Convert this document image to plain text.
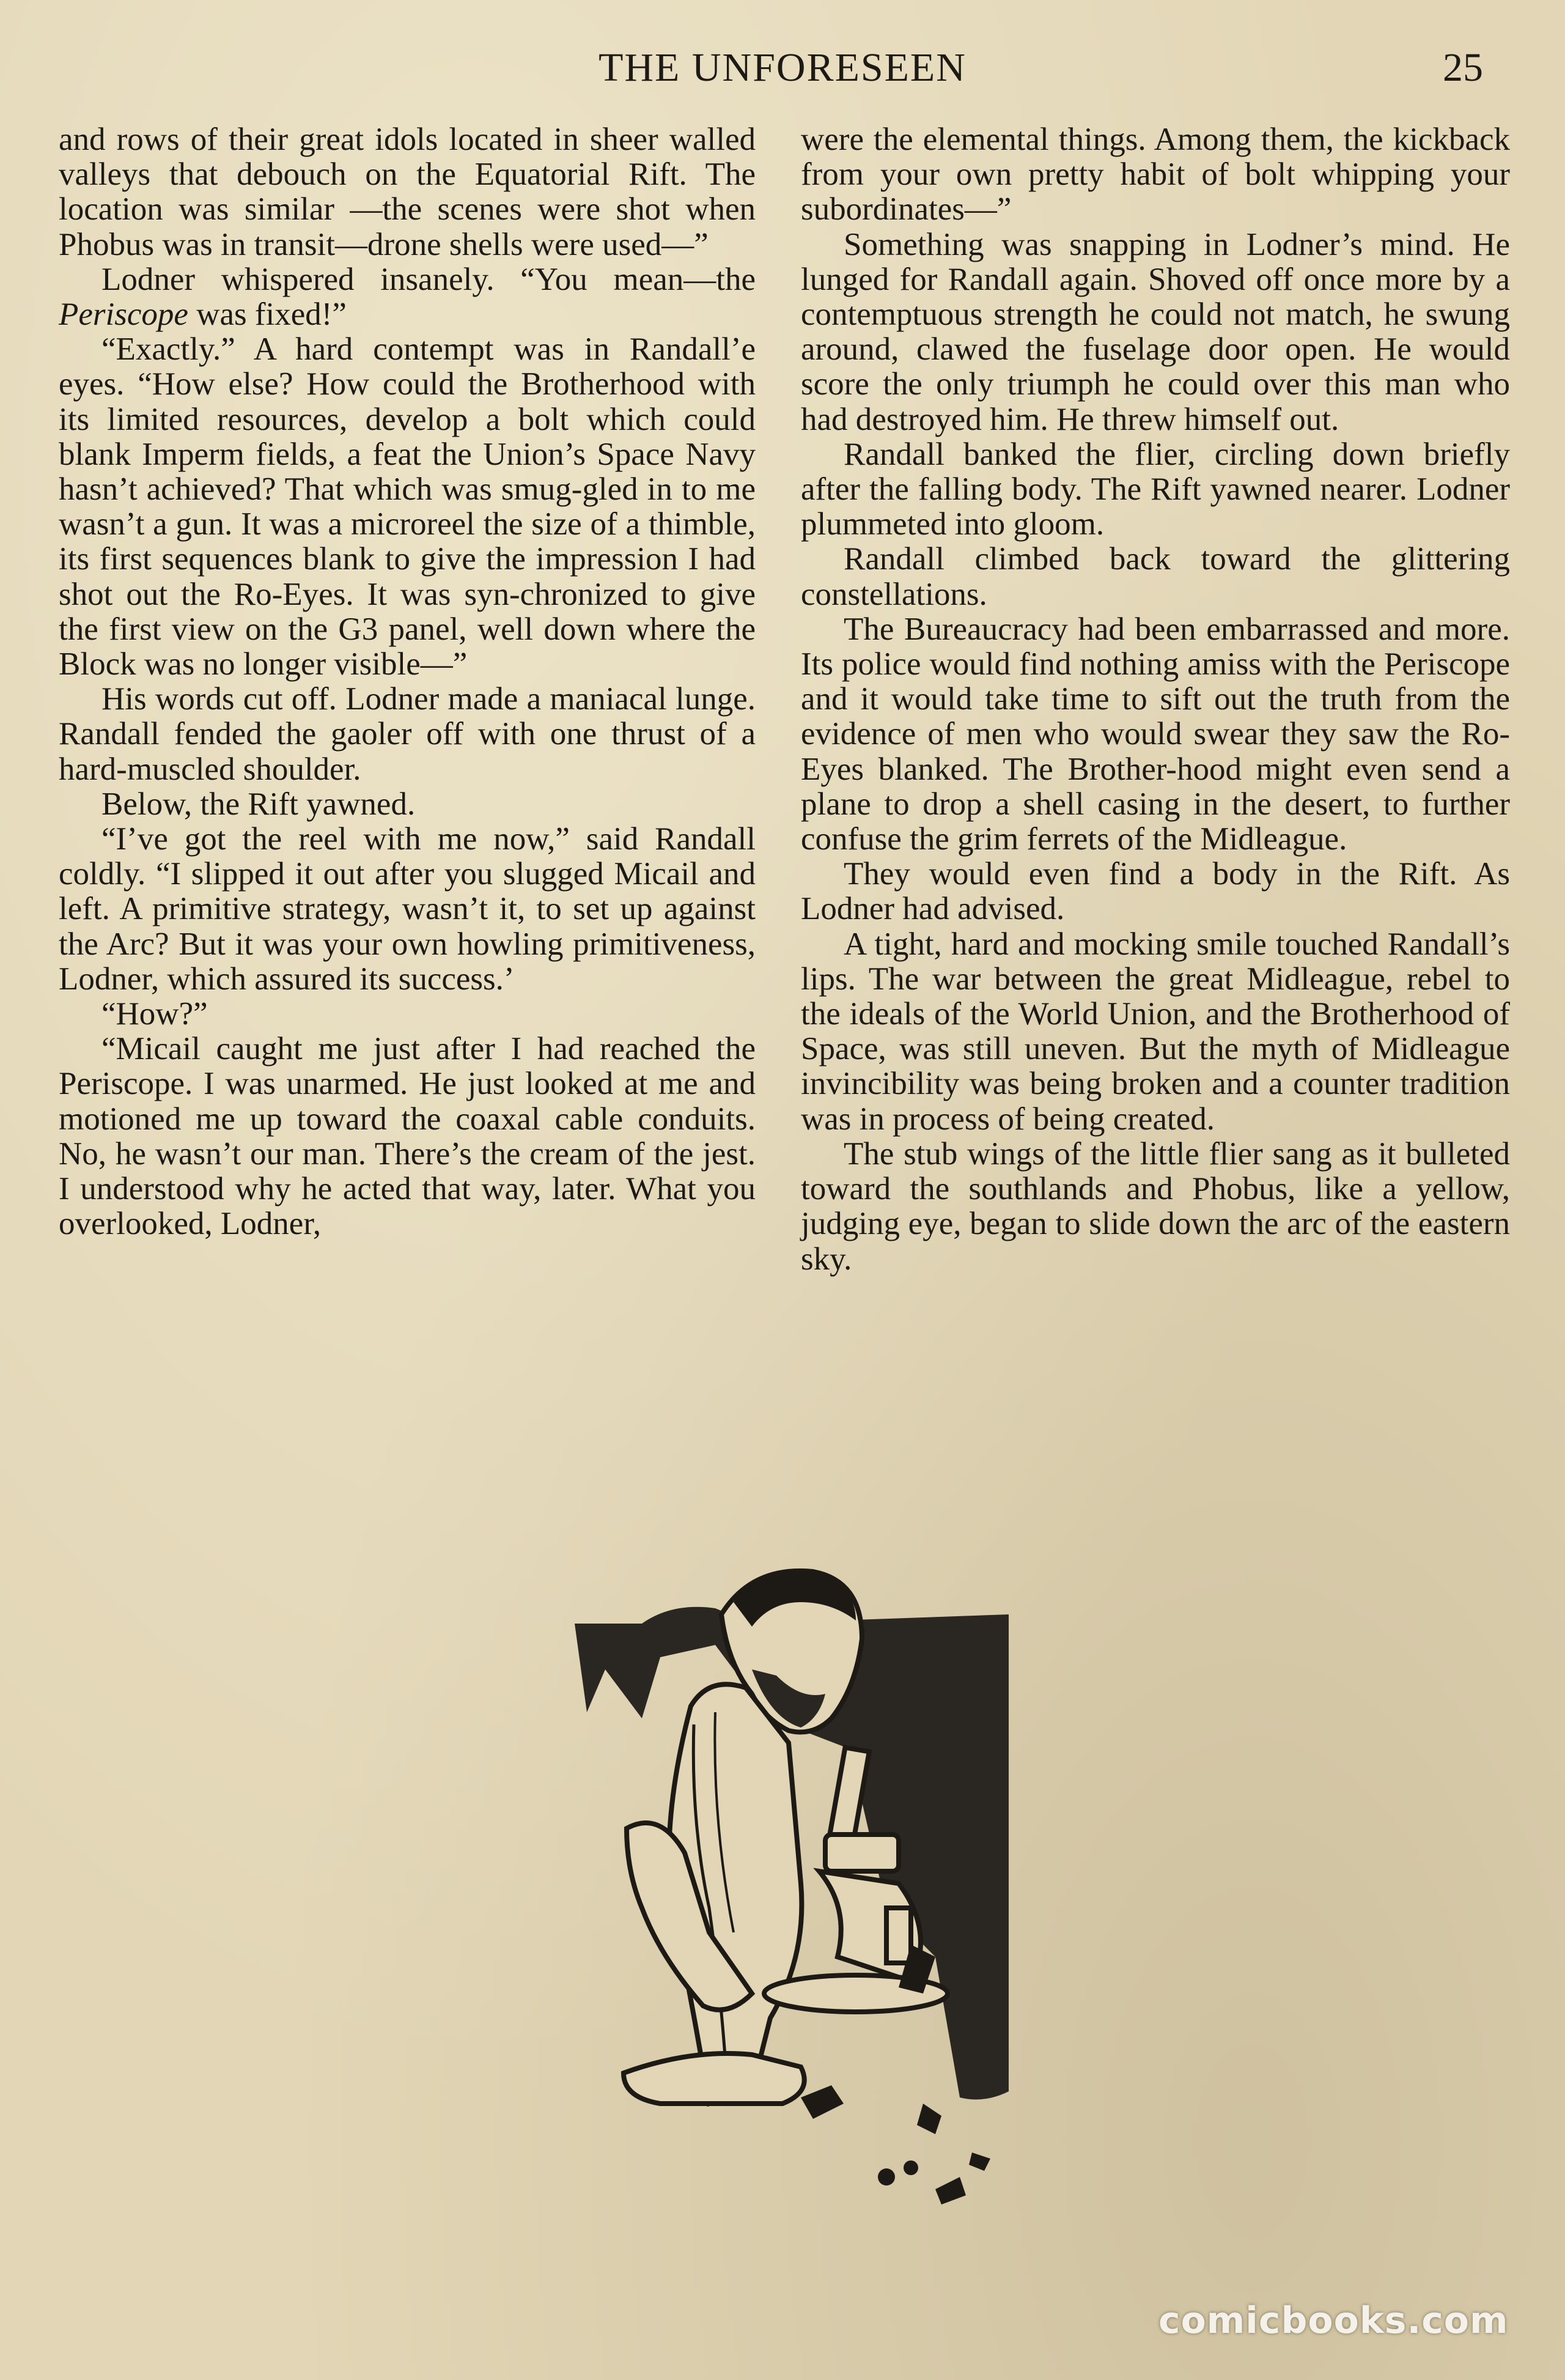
THE UNFORESEEN	25

and rows of their great idols located in sheer walled valleys that debouch on the Equatorial Rift. The location was similar —the scenes were shot when Phobus was in transit—drone shells were used—”

Lodner whispered insanely. “You mean—the Periscope was fixed!”

“Exactly.” A hard contempt was in Randall’e eyes. “How else? How could the Brotherhood with its limited resources, develop a bolt which could blank Imperm fields, a feat the Union’s Space Navy hasn’t achieved? That which was smug-gled in to me wasn’t a gun. It was a microreel the size of a thimble, its first sequences blank to give the impression I had shot out the Ro-Eyes. It was syn-chronized to give the first view on the G3 panel, well down where the Block was no longer visible—”

His words cut off. Lodner made a maniacal lunge. Randall fended the gaoler off with one thrust of a hard-muscled shoulder.

Below, the Rift yawned.

“I’ve got the reel with me now,” said Randall coldly. “I slipped it out after you slugged Micail and left. A primitive strategy, wasn’t it, to set up against the Arc? But it was your own howling primitiveness, Lodner, which assured its success.’

“How?”

“Micail caught me just after I had reached the Periscope. I was unarmed. He just looked at me and motioned me up toward the coaxal cable conduits. No, he wasn’t our man. There’s the cream of the jest. I understood why he acted that way, later. What you overlooked, Lodner,

were the elemental things. Among them, the kickback from your own pretty habit of bolt whipping your subordinates—”

Something was snapping in Lodner’s mind. He lunged for Randall again. Shoved off once more by a contemptuous strength he could not match, he swung around, clawed the fuselage door open. He would score the only triumph he could over this man who had destroyed him. He threw himself out.

Randall banked the flier, circling down briefly after the falling body. The Rift yawned nearer. Lodner plummeted into gloom.

Randall climbed back toward the glittering constellations.

The Bureaucracy had been embarrassed and more. Its police would find nothing amiss with the Periscope and it would take time to sift out the truth from the evidence of men who would swear they saw the Ro-Eyes blanked. The Brother-hood might even send a plane to drop a shell casing in the desert, to further confuse the grim ferrets of the Midleague.

They would even find a body in the Rift. As Lodner had advised.

A tight, hard and mocking smile touched Randall’s lips. The war between the great Midleague, rebel to the ideals of the World Union, and the Brotherhood of Space, was still uneven. But the myth of Midleague invincibility was being broken and a counter tradition was in process of being created.

The stub wings of the little flier sang as it bulleted toward the southlands and Phobus, like a yellow, judging eye, began to slide down the arc of the eastern sky.

comicbooks.com
